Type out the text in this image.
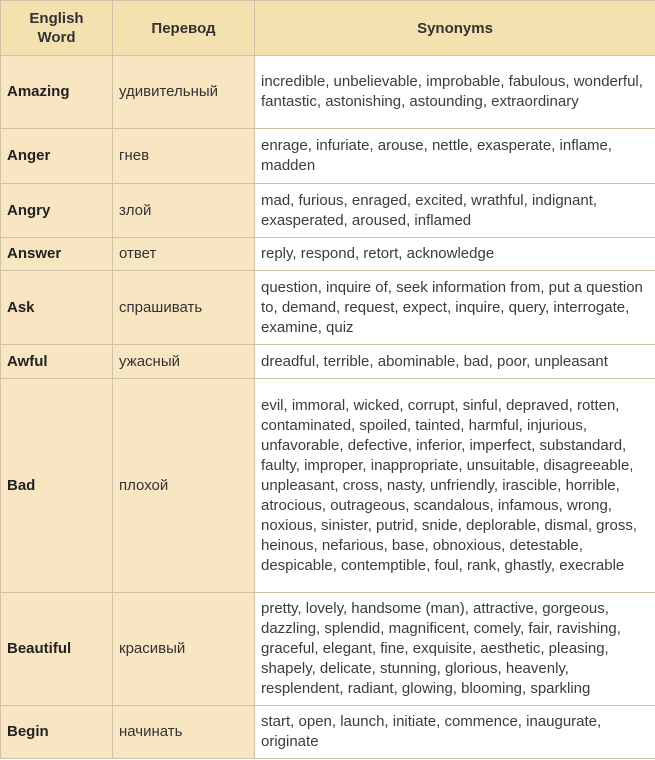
English Word	Перевод	Synonyms
Amazing	удивительный	incredible, unbelievable, improbable, fabulous, wonderful, fantastic, astonishing, astounding, extraordinary
Anger	гнев	enrage, infuriate, arouse, nettle, exasperate, inflame, madden
Angry	злой	mad, furious, enraged, excited, wrathful, indignant, exasperated, aroused, inflamed
Answer	ответ	reply, respond, retort, acknowledge
Ask	спрашивать	question, inquire of, seek information from, put a question to, demand, request, expect, inquire, query, interrogate, examine, quiz
Awful	ужасный	dreadful, terrible, abominable, bad, poor, unpleasant
Bad	плохой	evil, immoral, wicked, corrupt, sinful, depraved, rotten, contaminated, spoiled, tainted, harmful, injurious, unfavorable, defective, inferior, imperfect, substandard, faulty, improper, inappropriate, unsuitable, disagreeable, unpleasant, cross, nasty, unfriendly, irascible, horrible, atrocious, outrageous, scandalous, infamous, wrong, noxious, sinister, putrid, snide, deplorable, dismal, gross, heinous, nefarious, base, obnoxious, detestable, despicable, contemptible, foul, rank, ghastly, execrable
Beautiful	красивый	pretty, lovely, handsome (man), attractive, gorgeous, dazzling, splendid, magnificent, comely, fair, ravishing, graceful, elegant, fine, exquisite, aesthetic, pleasing, shapely, delicate, stunning, glorious, heavenly, resplendent, radiant, glowing, blooming, sparkling
Begin	начинать	start, open, launch, initiate, commence, inaugurate, originate
